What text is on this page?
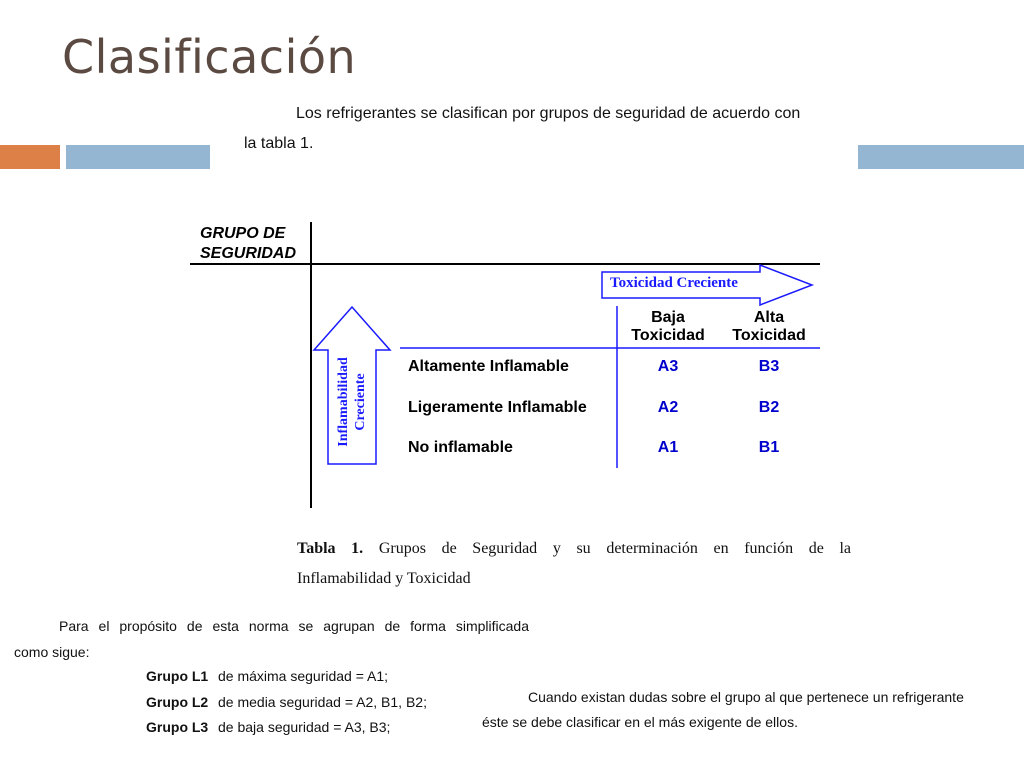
Clasificación
Los refrigerantes se clasifican por grupos de seguridad de acuerdo con
la tabla 1.
GRUPO DE
SEGURIDAD
Toxicidad Creciente
Inflamabilidad Creciente
Baja
Toxicidad
Alta
Toxicidad
Altamente Inflamable	A3	B3
Ligeramente Inflamable	A2	B2
No inflamable	A1	B1
Tabla 1. Grupos de Seguridad y su determinación en función de la
Inflamabilidad y Toxicidad
Para el propósito de esta norma se agrupan de forma simplificada
como sigue:
Grupo L1 de máxima seguridad = A1;
Grupo L2 de media seguridad = A2, B1, B2;
Grupo L3 de baja seguridad = A3, B3;
Cuando existan dudas sobre el grupo al que pertenece un refrigerante
éste se debe clasificar en el más exigente de ellos.
